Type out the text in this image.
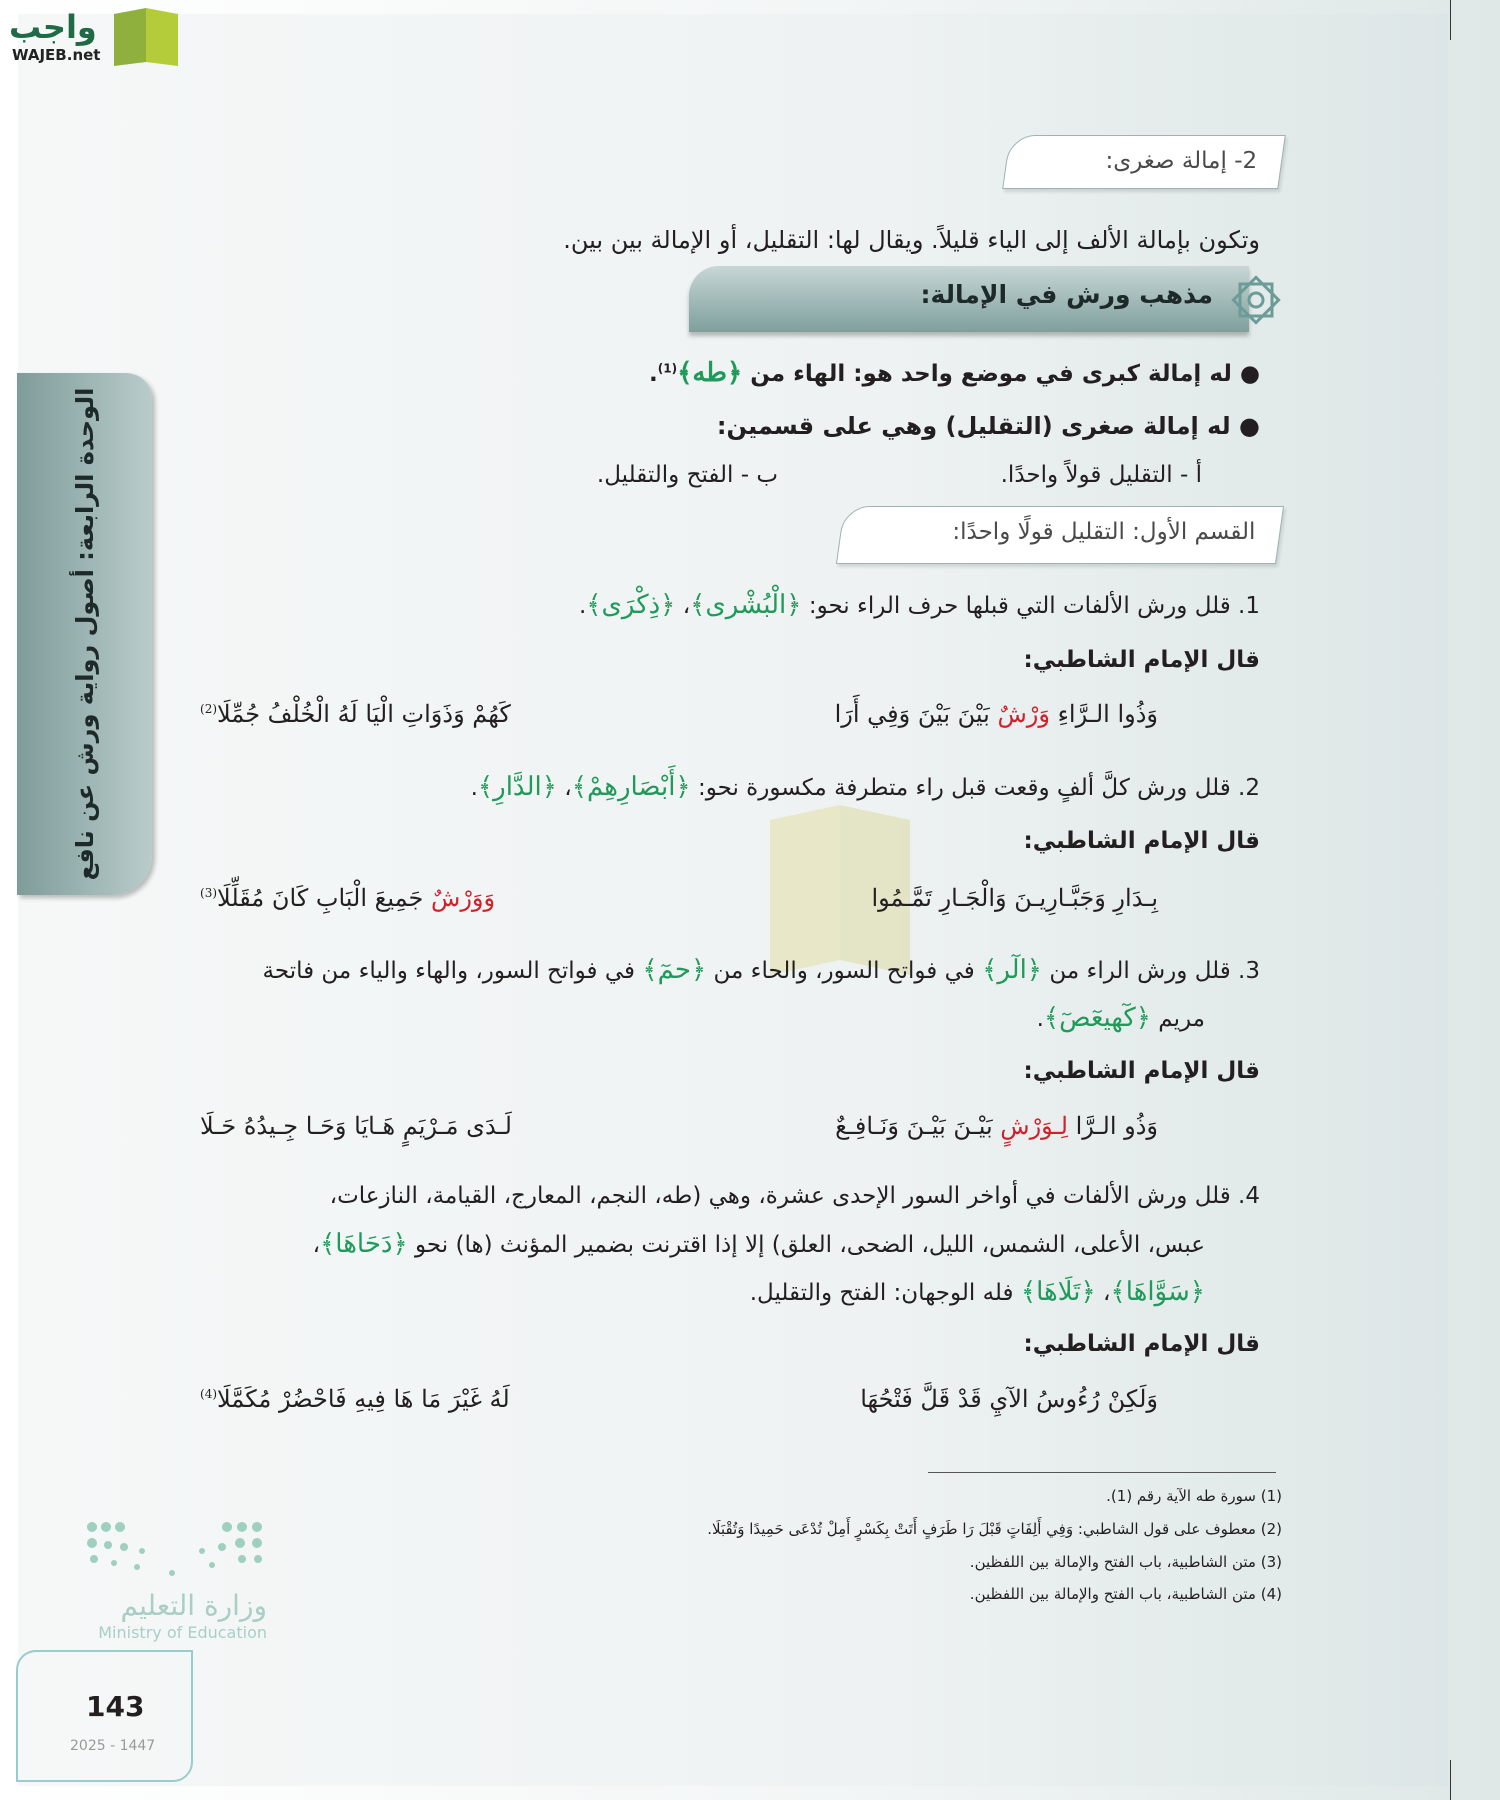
واجب
WAJEB.net
الوحدة الرابعة: أصول رواية ورش عن نافع
2- إمالة صغرى:
وتكون بإمالة الألف إلى الياء قليلاً. ويقال لها: التقليل، أو الإمالة بين بين.
مذهب ورش في الإمالة:
● له إمالة كبرى في موضع واحد هو: الهاء من ﴿طه﴾$^{(1)}$.
● له إمالة صغرى (التقليل) وهي على قسمين:
أ - التقليل قولاً واحدًا.
ب - الفتح والتقليل.
القسم الأول: التقليل قولًا واحدًا:
1. قلل ورش الألفات التي قبلها حرف الراء نحو: ﴿الْبُشْرى﴾، ﴿ذِكْرَى﴾.
قال الإمام الشاطبي:
وَذُوا الـرَّاءِ وَرْشٌ بَيْنَ بَيْنَ وَفِي أَرَا
كَهُمْ وَذَوَاتِ الْيَا لَهُ الْخُلْفُ جُمِّلَا$^{(2)}$
2. قلل ورش كلَّ ألفٍ وقعت قبل راء متطرفة مكسورة نحو: ﴿أَبْصَارِهِمْ﴾، ﴿الدَّارِ﴾.
قال الإمام الشاطبي:
بِـدَارِ وَجَبَّـارِيـنَ وَالْجَـارِ تَمَّـمُوا
وَوَرْشٌ جَمِيعَ الْبَابِ كَانَ مُقَلِّلَا$^{(3)}$
3. قلل ورش الراء من ﴿الٓر﴾ في فواتح السور، والحاء من ﴿حمٓ﴾ في فواتح السور، والهاء والياء من فاتحة
مريم ﴿كٓهيعٓصٓ﴾.
قال الإمام الشاطبي:
وَذُو الـرَّا لِـوَرْشٍ بَيْـنَ بَيْـنَ وَنَـافِـعٌ
لَـدَى مَـرْيَمٍ هَـايَا وَحَـا جِـيدُهُ حَـلَا
4. قلل ورش الألفات في أواخر السور الإحدى عشرة، وهي (طه، النجم، المعارج، القيامة، النازعات،
عبس، الأعلى، الشمس، الليل، الضحى، العلق) إلا إذا اقترنت بضمير المؤنث (ها) نحو ﴿دَحَاهَا﴾،
﴿سَوَّاهَا﴾، ﴿تَلَاهَا﴾ فله الوجهان: الفتح والتقليل.
قال الإمام الشاطبي:
وَلَكِنْ رُءُوسُ الآيِ قَدْ قَلَّ فَتْحُهَا
لَهُ غَيْرَ مَا هَا فِيهِ فَاحْضُرْ مُكَمَّلَا$^{(4)}$
(1) سورة طه الآية رقم (1).
(2) معطوف على قول الشاطبي: وَفِي أَلِفَاتٍ قَبْلَ رَا طَرَفٍ أَتَتْ بِكَسْرٍ أَمِلْ تُدْعَى حَمِيدًا وَتُقْبَلَا.
(3) متن الشاطبية، باب الفتح والإمالة بين اللفظين.
(4) متن الشاطبية، باب الفتح والإمالة بين اللفظين.
وزارة التعليم
Ministry of Education
143
2025 - 1447
